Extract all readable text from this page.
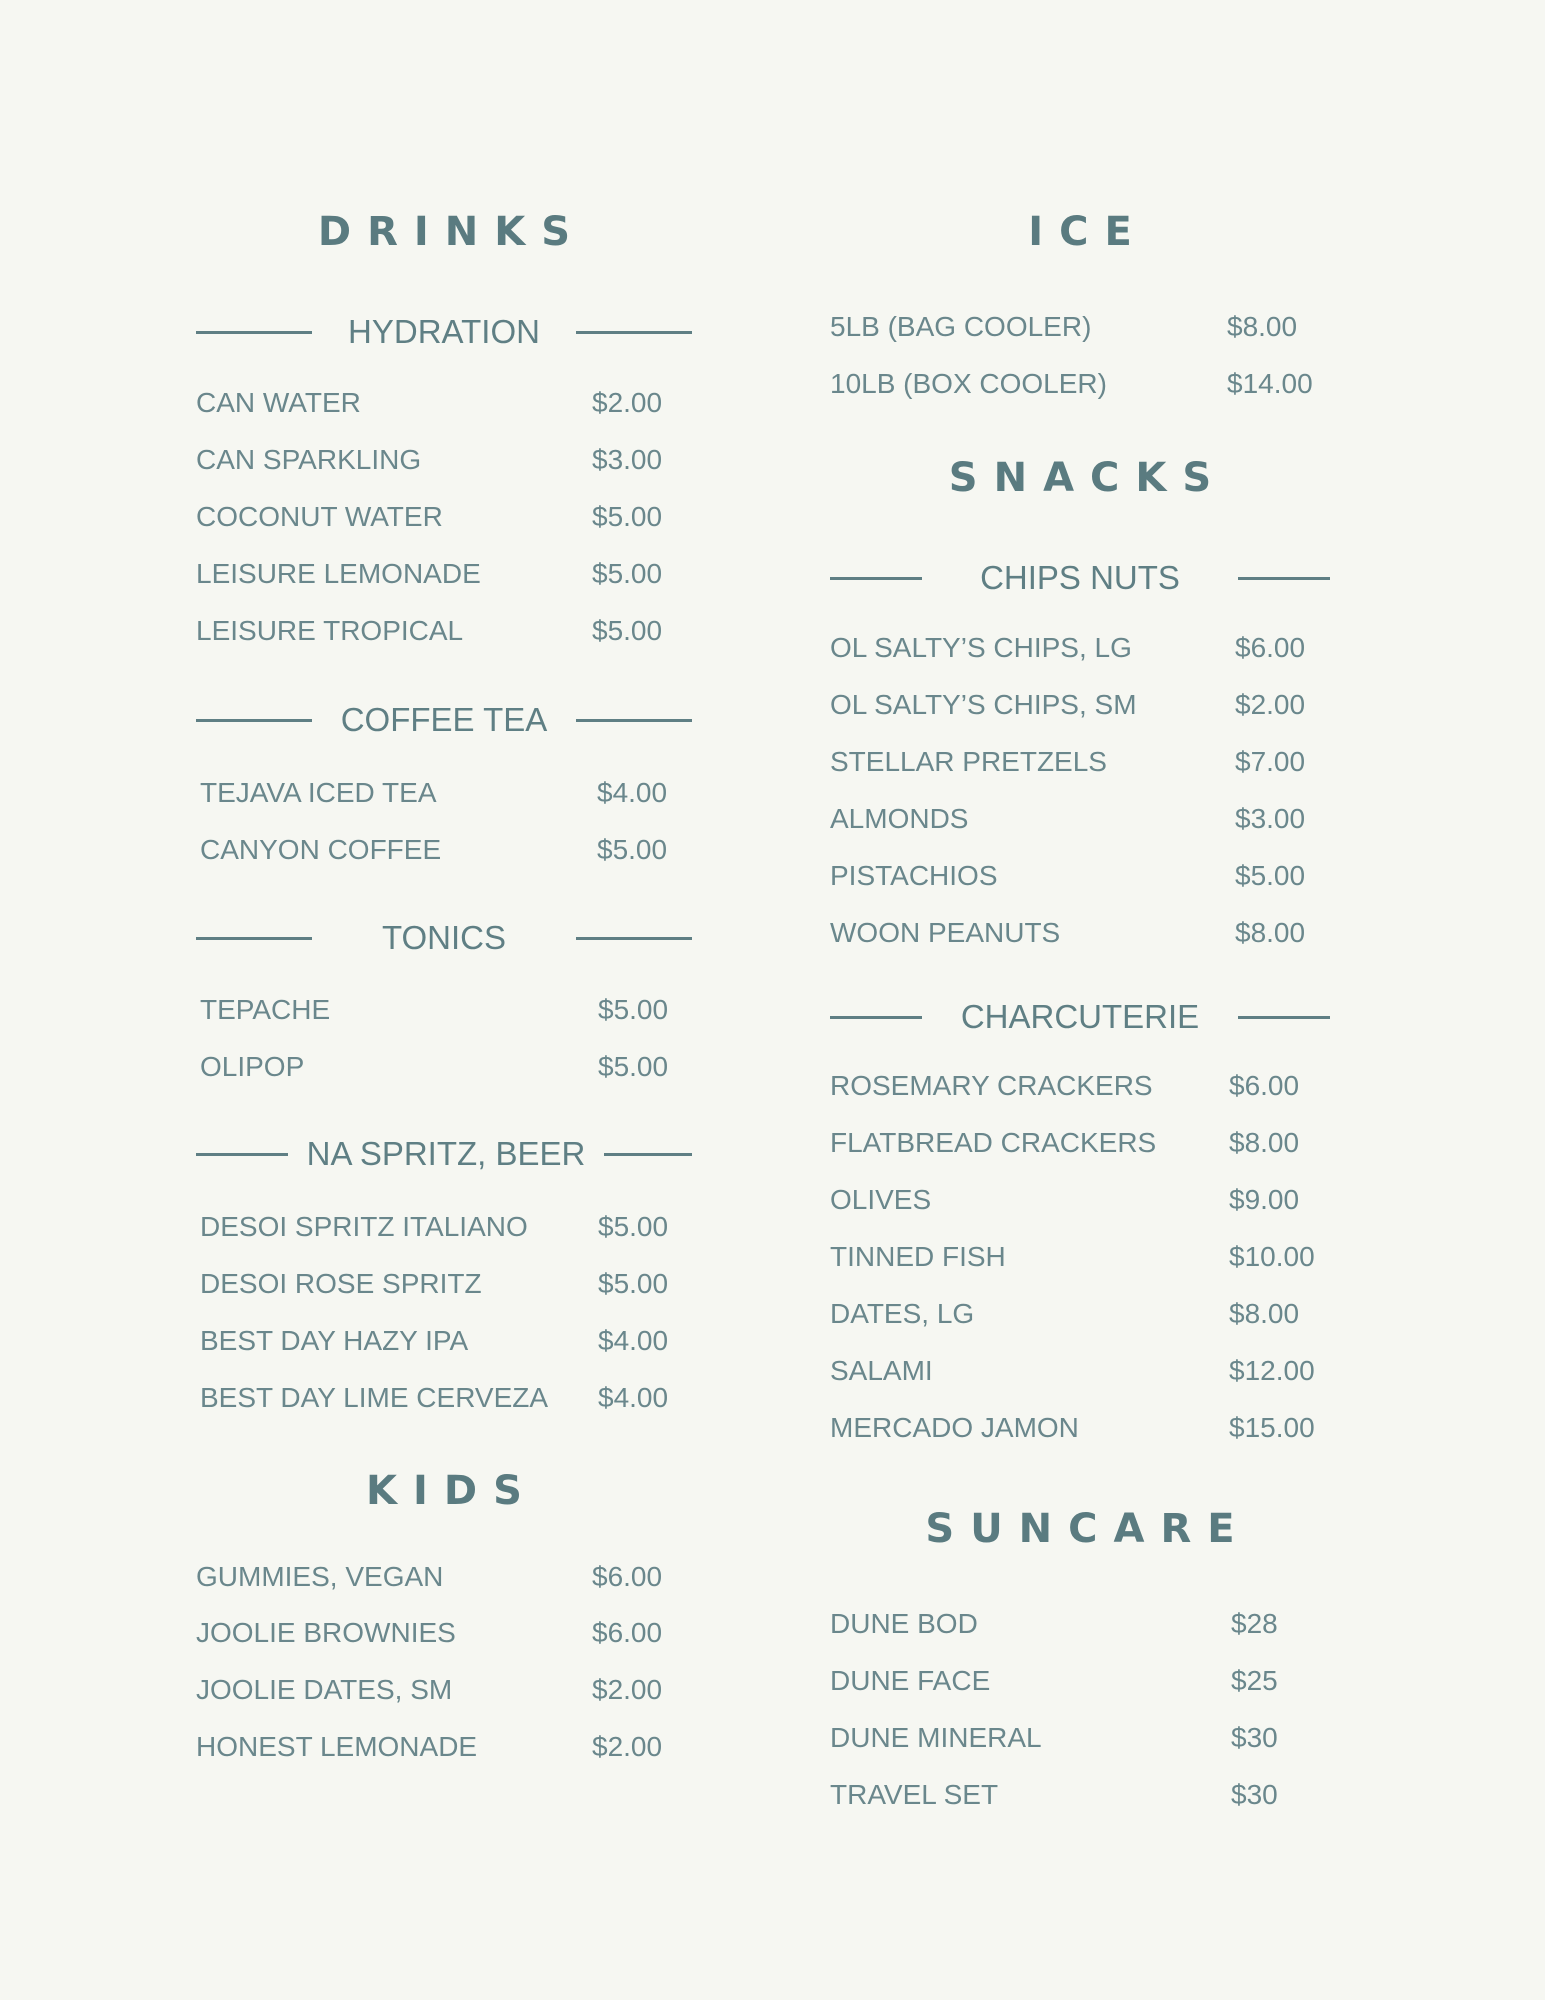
DRINKS
HYDRATION
CAN WATER	$2.00
CAN SPARKLING	$3.00
COCONUT WATER	$5.00
LEISURE LEMONADE	$5.00
LEISURE TROPICAL	$5.00
COFFEE TEA
TEJAVA ICED TEA	$4.00
CANYON COFFEE	$5.00
TONICS
TEPACHE	$5.00
OLIPOP	$5.00
NA SPRITZ, BEER
DESOI SPRITZ ITALIANO	$5.00
DESOI ROSE SPRITZ	$5.00
BEST DAY HAZY IPA	$4.00
BEST DAY LIME CERVEZA $4.00
KIDS
GUMMIES, VEGAN	$6.00
JOOLIE BROWNIES	$6.00
JOOLIE DATES, SM	$2.00
HONEST LEMONADE	$2.00
ICE
5LB (BAG COOLER)	$8.00
10LB (BOX COOLER)	$14.00
SNACKS
CHIPS NUTS
OL SALTY’S CHIPS, LG	$6.00
OL SALTY’S CHIPS, SM	$2.00
STELLAR PRETZELS	$7.00
ALMONDS	$3.00
PISTACHIOS	$5.00
WOON PEANUTS	$8.00
CHARCUTERIE
ROSEMARY CRACKERS	$6.00
FLATBREAD CRACKERS	$8.00
OLIVES	$9.00
TINNED FISH	$10.00
DATES, LG	$8.00
SALAMI	$12.00
MERCADO JAMON	$15.00
SUNCARE
DUNE BOD	$28
DUNE FACE	$25
DUNE MINERAL	$30
TRAVEL SET	$30
